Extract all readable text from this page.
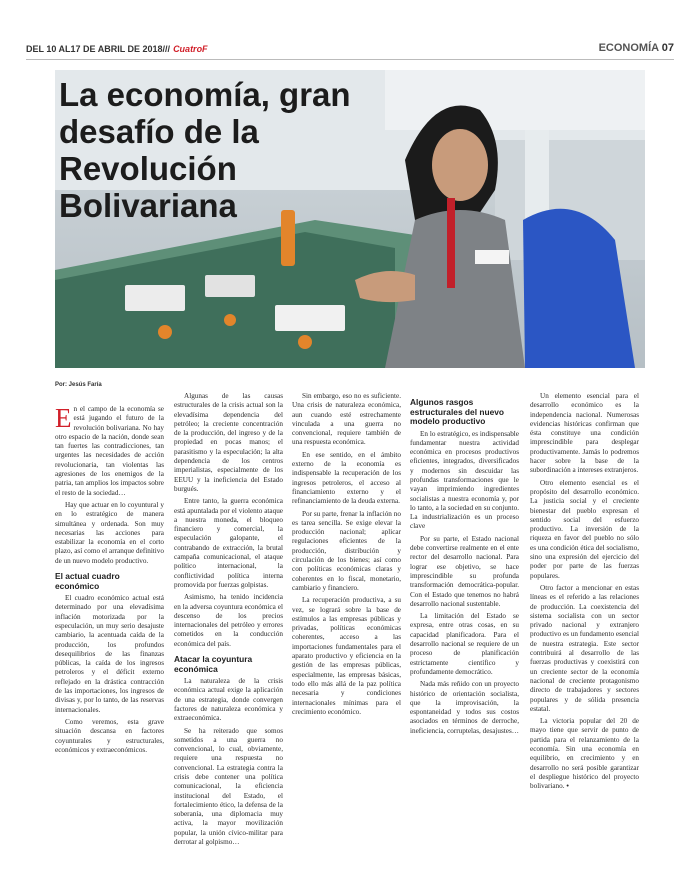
DEL 10 AL17 DE ABRIL DE 2018/// CuatroF	ECONOMÍA 07
La economía, gran desafío de la Revolución Bolivariana
Por: Jesús Faría

En el campo de la economía se está jugando el futuro de la revolución bolivariana. No hay otro espacio de la nación, donde sean tan fuertes las contradicciones, tan urgentes las necesidades de acción revolucionaria, tan violentas las agresiones de los enemigos de la patria, tan amplios los impactos sobre el resto de la sociedad…

Hay que actuar en lo coyuntural y en lo estratégico de manera simultánea y ordenada. Son muy necesarias las acciones para estabilizar la economía en el corto plazo, así como el arranque definitivo de un nuevo modelo productivo.

El actual cuadro económico

El cuadro económico actual está determinado por una elevadísima inflación motorizada por la especulación, un muy serio desajuste cambiario, la acentuada caída de la producción, los profundos desequilibrios de las finanzas públicas, la caída de los ingresos petroleros y el déficit externo reflejado en la drástica contracción de las importaciones, los ingresos de divisas y, por lo tanto, de las reservas internacionales.

Como veremos, esta grave situación descansa en factores coyunturales y estructurales, económicos y extraeconómicos.

Algunas de las causas estructurales de la crisis actual son la elevadísima dependencia del petróleo; la creciente concentración de la producción, del ingreso y de la propiedad en pocas manos; el parasitismo y la especulación; la alta dependencia de los centros imperialistas, especialmente de los EEUU y la ineficiencia del Estado burgués.

Entre tanto, la guerra económica está apuntalada por el violento ataque a nuestra moneda, el bloqueo financiero y comercial, la especulación galopante, el contrabando de extracción, la brutal campaña comunicacional, el ataque político internacional, la conflictividad política interna promovida por fuerzas golpistas.

Asimismo, ha tenido incidencia en la adversa coyuntura económica el descenso de los precios internacionales del petróleo y errores cometidos en la conducción económica del país.

Atacar la coyuntura económica

La naturaleza de la crisis económica actual exige la aplicación de una estrategia, donde convergen factores de naturaleza económica y extraeconómica.

Se ha reiterado que somos sometidos a una guerra no convencional, lo cual, obviamente, requiere una respuesta no convencional. La estrategia contra la crisis debe contener una política comunicacional, la eficiencia institucional del Estado, el fortalecimiento ético, la defensa de la soberanía, una diplomacia muy activa, la mayor movilización popular, la unión cívico-militar para derrotar al golpismo…

Sin embargo, eso no es suficiente. Una crisis de naturaleza económica, aun cuando esté estrechamente vinculada a una guerra no convencional, requiere también de una respuesta económica.

En ese sentido, en el ámbito externo de la economía es indispensable la recuperación de los ingresos petroleros, el acceso al financiamiento externo y el refinanciamiento de la deuda externa.

Por su parte, frenar la inflación no es tarea sencilla. Se exige elevar la producción nacional; aplicar regulaciones eficientes de la producción, distribución y circulación de los bienes; así como con políticas económicas claras y coherentes en lo fiscal, monetario, cambiario y financiero.

La recuperación productiva, a su vez, se logrará sobre la base de estímulos a las empresas públicas y privadas, políticas económicas coherentes, acceso a las importaciones fundamentales para el aparato productivo y eficiencia en la gestión de las empresas públicas, especialmente, las empresas básicas, todo ello más allá de la paz política necesaria y condiciones internacionales mínimas para el crecimiento económico.

Algunos rasgos estructurales del nuevo modelo productivo

En lo estratégico, es indispensable fundamentar nuestra actividad económica en procesos productivos eficientes, integrados, diversificados y modernos sin descuidar las profundas transformaciones que le vayan imprimiendo ingredientes socialistas a nuestra economía y, por lo tanto, a la sociedad en su conjunto. La industrialización es un proceso clave

Por su parte, el Estado nacional debe convertirse realmente en el ente rector del desarrollo nacional. Para lograr ese objetivo, se hace imprescindible su profunda transformación democrática-popular. Con el Estado que tenemos no habrá desarrollo nacional sustentable.

La limitación del Estado se expresa, entre otras cosas, en su capacidad planificadora. Para el desarrollo nacional se requiere de un proceso de planificación estrictamente científico y profundamente democrático.

Nada más reñido con un proyecto histórico de orientación socialista, que la improvisación, la espontaneidad y todos sus costos asociados en términos de derroche, ineficiencia, corruptelas, desajustes…

Un elemento esencial para el desarrollo económico es la independencia nacional. Numerosas evidencias históricas confirman que ésta constituye una condición imprescindible para desplegar productivamente. Jamás lo podremos hacer sobre la base de la subordinación a intereses extranjeros.

Otro elemento esencial es el propósito del desarrollo económico. La justicia social y el creciente bienestar del pueblo expresan el sentido social del esfuerzo productivo. La inversión de la riqueza en favor del pueblo no sólo es una condición ética del socialismo, sino una expresión del ejercicio del poder por parte de las fuerzas populares.

Otro factor a mencionar en estas líneas es el referido a las relaciones de producción. La coexistencia del sistema socialista con un sector privado nacional y extranjero productivo es un fundamento esencial de nuestra estrategia. Este sector contribuirá al desarrollo de las fuerzas productivas y coexistirá con un creciente sector de la economía nacional de creciente protagonismo directo de trabajadores y sectores populares y de sólida presencia estatal.

La victoria popular del 20 de mayo tiene que servir de punto de partida para el relanzamiento de la economía. Sin una economía en equilibrio, en crecimiento y en desarrollo no será posible garantizar el despliegue histórico del proyecto bolivariano. •
